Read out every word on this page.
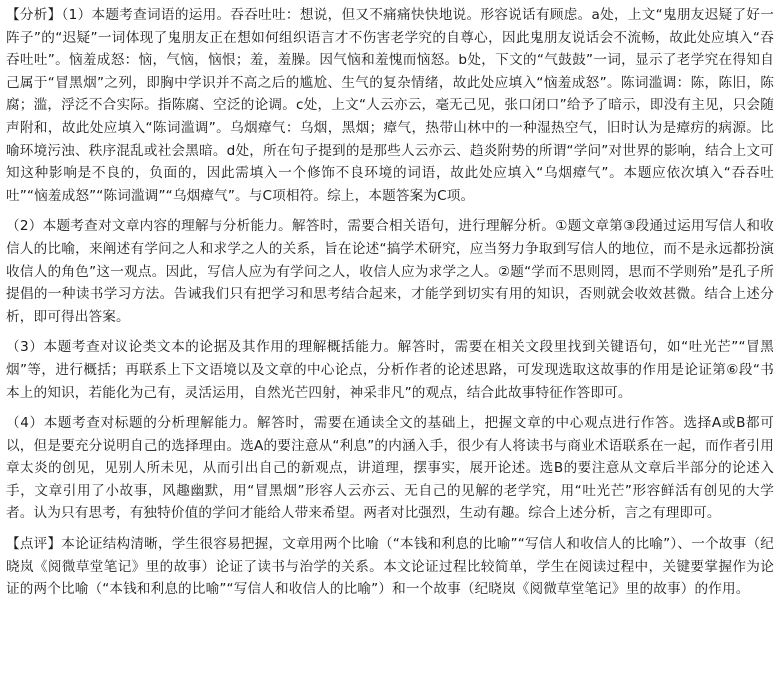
【分析】（1）本题考查词语的运用。吞吞吐吐：想说，但又不痛痛快快地说。形容说话有顾虑。a处，上文“鬼朋友迟疑了好一阵子”的“迟疑”一词体现了鬼朋友正在想如何组织语言才不伤害老学究的自尊心，因此鬼朋友说话会不流畅，故此处应填入“吞吞吐吐”。恼羞成怒：恼，气恼，恼恨；羞，羞臊。因气恼和羞愧而恼怒。b处，下文的“气鼓鼓”一词，显示了老学究在得知自己属于“冒黑烟”之列，即胸中学识并不高之后的尴尬、生气的复杂情绪，故此处应填入“恼羞成怒”。陈词滥调：陈，陈旧，陈腐；滥，浮泛不合实际。指陈腐、空泛的论调。c处，上文“人云亦云，毫无己见，张口闭口”给予了暗示，即没有主见，只会随声附和，故此处应填入“陈词滥调”。乌烟瘴气：乌烟，黑烟；瘴气，热带山林中的一种湿热空气，旧时认为是瘴疠的病源。比喻环境污浊、秩序混乱或社会黑暗。d处，所在句子提到的是那些人云亦云、趋炎附势的所谓“学问”对世界的影响，结合上文可知这种影响是不良的，负面的，因此需填入一个修饰不良环境的词语，故此处应填入“乌烟瘴气”。本题应依次填入“吞吞吐吐”“恼羞成怒”“陈词滥调”“乌烟瘴气”。与C项相符。综上，本题答案为C项。

（2）本题考查对文章内容的理解与分析能力。解答时，需要合相关语句，进行理解分析。①题文章第③段通过运用写信人和收信人的比喻，来阐述有学问之人和求学之人的关系，旨在论述“搞学术研究，应当努力争取到写信人的地位，而不是永远都扮演收信人的角色”这一观点。因此，写信人应为有学问之人，收信人应为求学之人。②题“学而不思则罔，思而不学则殆”是孔子所提倡的一种读书学习方法。告诫我们只有把学习和思考结合起来，才能学到切实有用的知识，否则就会收效甚微。结合上述分析，即可得出答案。

（3）本题考查对议论类文本的论据及其作用的理解概括能力。解答时，需要在相关文段里找到关键语句，如“吐光芒”“冒黑烟”等，进行概括；再联系上下文语境以及文章的中心论点，分析作者的论述思路，可发现选取这故事的作用是论证第⑥段“书本上的知识，若能化为己有，灵活运用，自然光芒四射，神采非凡”的观点，结合此故事特征作答即可。

（4）本题考查对标题的分析理解能力。解答时，需要在通读全文的基础上，把握文章的中心观点进行作答。选择A或B都可以，但是要充分说明自己的选择理由。选A的要注意从“利息”的内涵入手，很少有人将读书与商业术语联系在一起，而作者引用章太炎的创见，见别人所未见，从而引出自己的新观点，讲道理，摆事实，展开论述。选B的要注意从文章后半部分的论述入手，文章引用了小故事，风趣幽默，用“冒黑烟”形容人云亦云、无自己的见解的老学究，用“吐光芒”形容鲜活有创见的大学者。认为只有思考，有独特价值的学问才能给人带来希望。两者对比强烈，生动有趣。综合上述分析，言之有理即可。

【点评】本论证结构清晰，学生很容易把握，文章用两个比喻（“本钱和利息的比喻”“写信人和收信人的比喻”）、一个故事（纪晓岚《阅微草堂笔记》里的故事）论证了读书与治学的关系。本文论证过程比较简单，学生在阅读过程中，关键要掌握作为论证的两个比喻（“本钱和利息的比喻”“写信人和收信人的比喻”）和一个故事（纪晓岚《阅微草堂笔记》里的故事）的作用。
